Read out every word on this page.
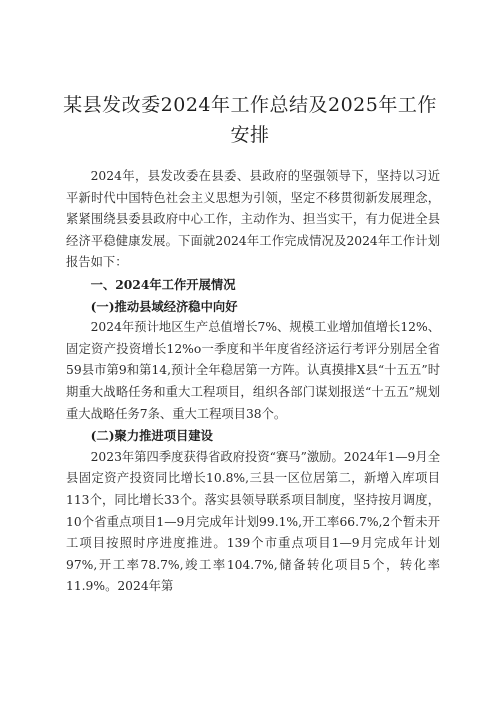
某县发改委2024年工作总结及2025年工作安排

2024年，县发改委在县委、县政府的坚强领导下，坚持以习近平新时代中国特色社会主义思想为引领，坚定不移贯彻新发展理念，紧紧围绕县委县政府中心工作，主动作为、担当实干，有力促进全县经济平稳健康发展。下面就2024年工作完成情况及2024年工作计划报告如下：

一、2024年工作开展情况

(一)推动县域经济稳中向好

2024年预计地区生产总值增长7%、规模工业增加值增长12%、固定资产投资增长12%o一季度和半年度省经济运行考评分别居全省59县市第9和第14,预计全年稳居第一方阵。认真摸排X县“十五五”时期重大战略任务和重大工程项目，组织各部门谋划报送“十五五”规划重大战略任务7条、重大工程项目38个。

(二)聚力推进项目建设

2023年第四季度获得省政府投资“赛马”激励。2024年1—9月全县固定资产投资同比增长10.8%,三县一区位居第二，新增入库项目113个，同比增长33个。落实县领导联系项目制度，坚持按月调度，10个省重点项目1—9月完成年计划99.1%,开工率66.7%,2个暂未开工项目按照时序进度推进。139个市重点项目1—9月完成年计划97%,开工率78.7%,竣工率104.7%,储备转化项目5个，转化率11.9%。2024年第
